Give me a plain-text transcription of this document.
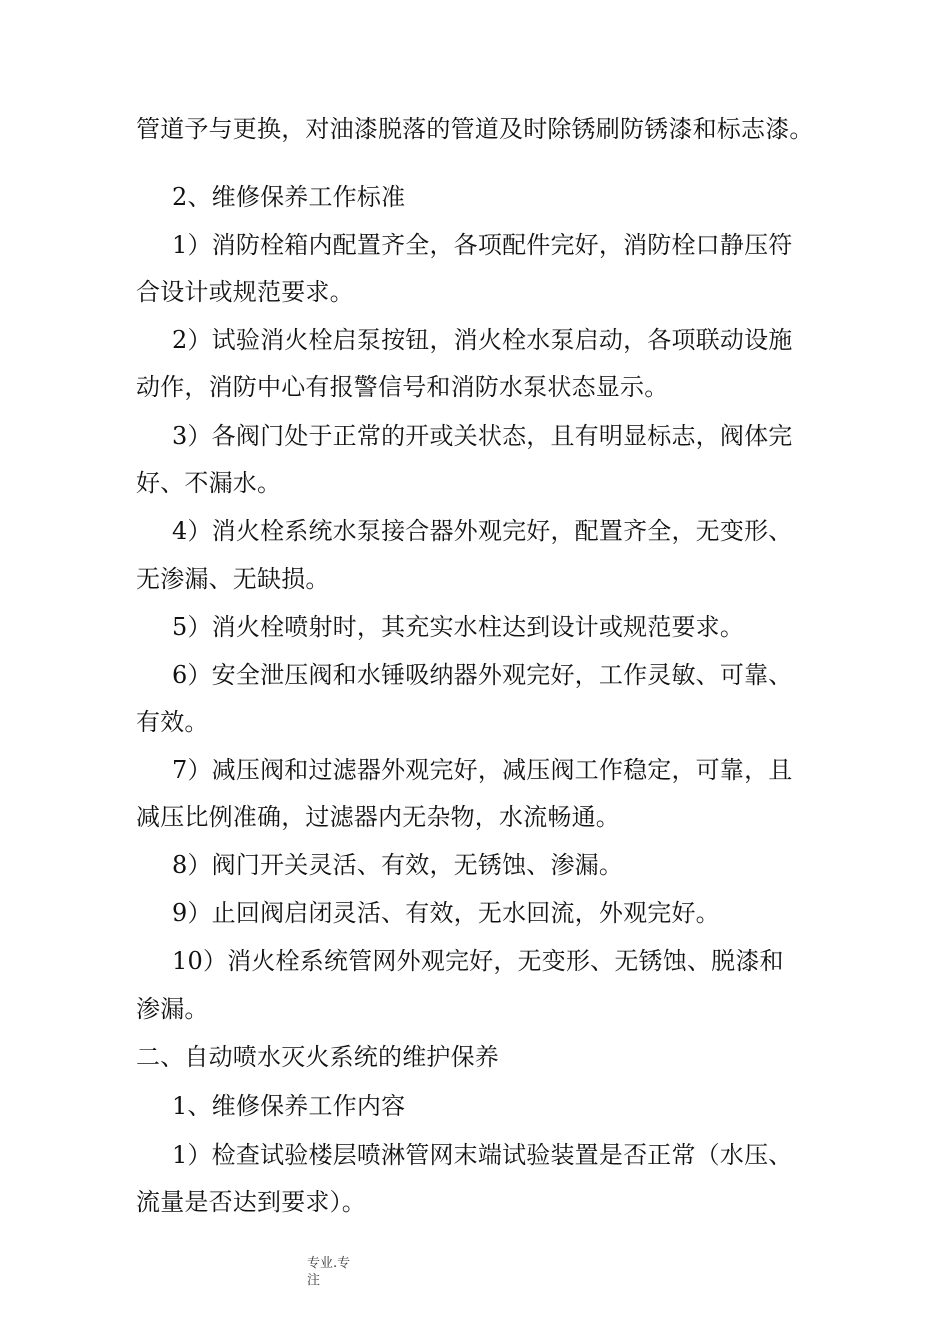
管道予与更换，对油漆脱落的管道及时除锈刷防锈漆和标志漆。
2、维修保养工作标准
1）消防栓箱内配置齐全，各项配件完好，消防栓口静压符
合设计或规范要求。
2）试验消火栓启泵按钮，消火栓水泵启动，各项联动设施
动作，消防中心有报警信号和消防水泵状态显示。
3）各阀门处于正常的开或关状态，且有明显标志，阀体完
好、不漏水。
4）消火栓系统水泵接合器外观完好，配置齐全，无变形、
无渗漏、无缺损。
5）消火栓喷射时，其充实水柱达到设计或规范要求。
6）安全泄压阀和水锤吸纳器外观完好，工作灵敏、可靠、
有效。
7）减压阀和过滤器外观完好，减压阀工作稳定，可靠，且
减压比例准确，过滤器内无杂物，水流畅通。
8）阀门开关灵活、有效，无锈蚀、渗漏。
9）止回阀启闭灵活、有效，无水回流，外观完好。
10）消火栓系统管网外观完好，无变形、无锈蚀、脱漆和
渗漏。
二、自动喷水灭火系统的维护保养
1、维修保养工作内容
1）检查试验楼层喷淋管网末端试验装置是否正常（水压、
流量是否达到要求）。
专业.专
注
